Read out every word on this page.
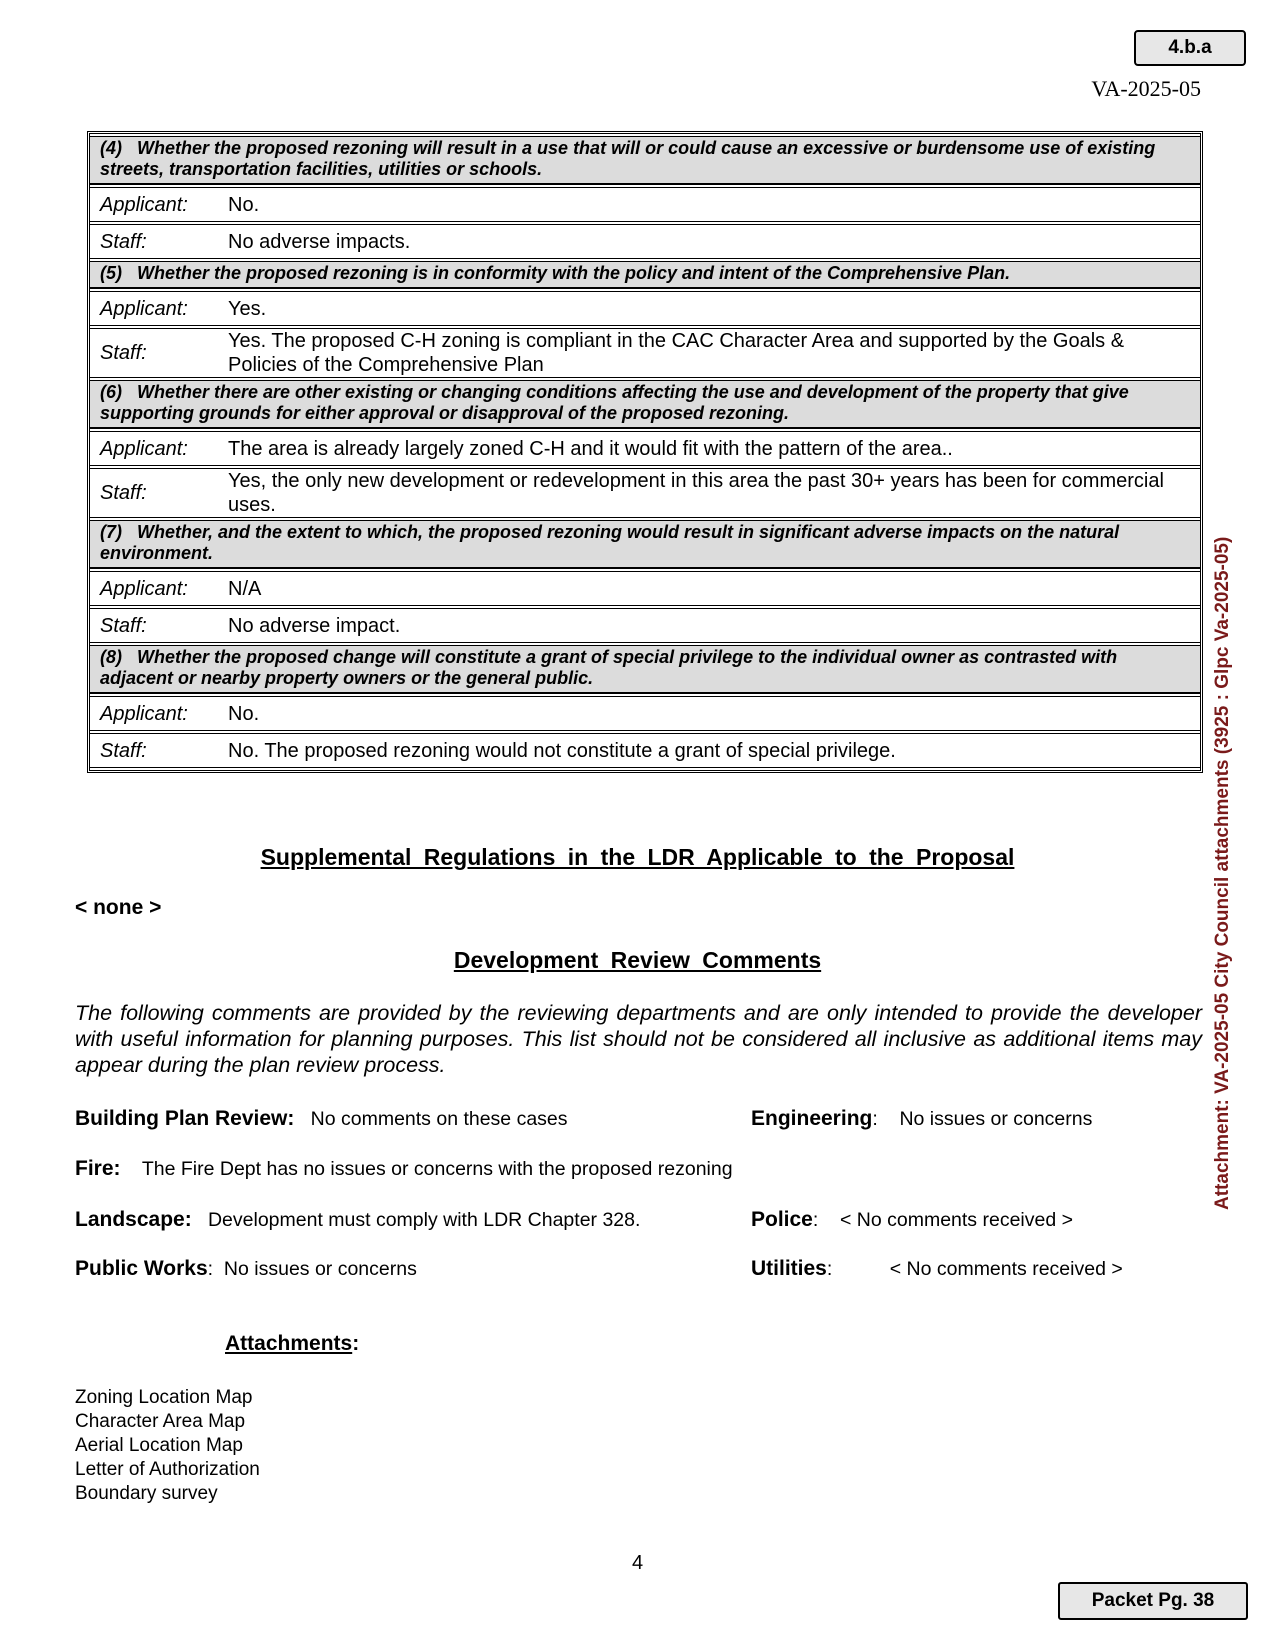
4.b.a
VA-2025-05
Attachment: VA-2025-05 City Council attachments (3925 : Glpc Va-2025-05)
(4) Whether the proposed rezoning will result in a use that will or could cause an excessive or burdensome use of existing streets, transportation facilities, utilities or schools.	
Applicant:	No.
Staff:	No adverse impacts.
(5) Whether the proposed rezoning is in conformity with the policy and intent of the Comprehensive Plan.	
Applicant:	Yes.
Staff:	Yes. The proposed C-H zoning is compliant in the CAC Character Area and supported by the Goals & Policies of the Comprehensive Plan
(6) Whether there are other existing or changing conditions affecting the use and development of the property that give supporting grounds for either approval or disapproval of the proposed rezoning.	
Applicant:	The area is already largely zoned C-H and it would fit with the pattern of the area..
Staff:	Yes, the only new development or redevelopment in this area the past 30+ years has been for commercial uses.
(7) Whether, and the extent to which, the proposed rezoning would result in significant adverse impacts on the natural environment.	
Applicant:	N/A
Staff:	No adverse impact.
(8) Whether the proposed change will constitute a grant of special privilege to the individual owner as contrasted with adjacent or nearby property owners or the general public.	
Applicant:	No.
Staff:	No. The proposed rezoning would not constitute a grant of special privilege.
Supplemental Regulations in the LDR Applicable to the Proposal
< none >
Development Review Comments
The following comments are provided by the reviewing departments and are only intended to provide the developer with useful information for planning purposes. This list should not be considered all inclusive as additional items may appear during the plan review process.
Building Plan Review: No comments on these cases	Engineering: No issues or concerns
Fire: The Fire Dept has no issues or concerns with the proposed rezoning
Landscape: Development must comply with LDR Chapter 328.	Police: < No comments received >
Public Works: No issues or concerns	Utilities:	< No comments received >
Attachments:
Zoning Location Map
Character Area Map
Aerial Location Map
Letter of Authorization
Boundary survey
4
Packet Pg. 38
